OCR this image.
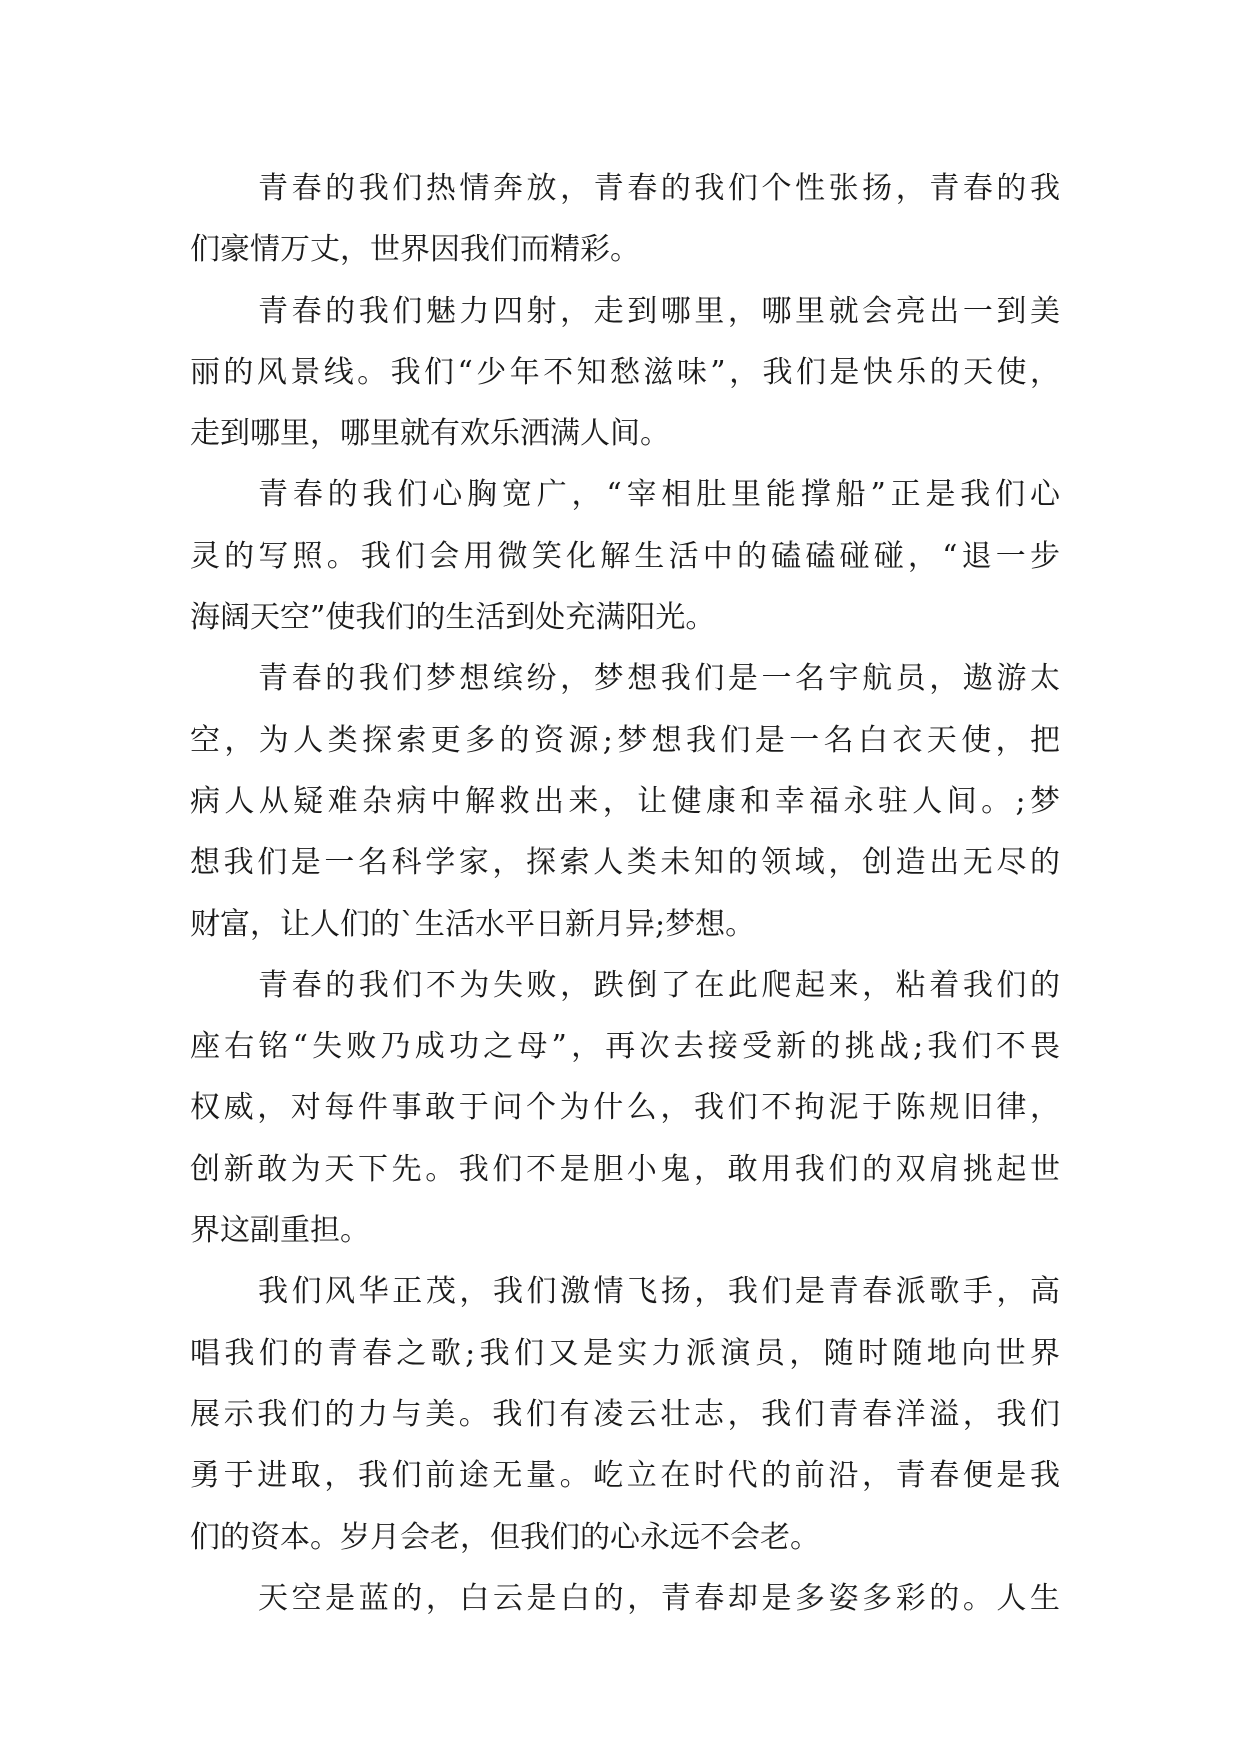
青春的我们热情奔放，青春的我们个性张扬，青春的我
们豪情万丈，世界因我们而精彩。
青春的我们魅力四射，走到哪里，哪里就会亮出一到美
丽的风景线。我们“少年不知愁滋味”，我们是快乐的天使，
走到哪里，哪里就有欢乐洒满人间。
青春的我们心胸宽广，“宰相肚里能撑船”正是我们心
灵的写照。我们会用微笑化解生活中的磕磕碰碰，“退一步
海阔天空”使我们的生活到处充满阳光。
青春的我们梦想缤纷，梦想我们是一名宇航员，遨游太
空，为人类探索更多的资源;梦想我们是一名白衣天使，把
病人从疑难杂病中解救出来，让健康和幸福永驻人间。;梦
想我们是一名科学家，探索人类未知的领域，创造出无尽的
财富，让人们的`生活水平日新月异;梦想。
青春的我们不为失败，跌倒了在此爬起来，粘着我们的
座右铭“失败乃成功之母”，再次去接受新的挑战;我们不畏
权威，对每件事敢于问个为什么，我们不拘泥于陈规旧律，
创新敢为天下先。我们不是胆小鬼，敢用我们的双肩挑起世
界这副重担。
我们风华正茂，我们激情飞扬，我们是青春派歌手，高
唱我们的青春之歌;我们又是实力派演员，随时随地向世界
展示我们的力与美。我们有凌云壮志，我们青春洋溢，我们
勇于进取，我们前途无量。屹立在时代的前沿，青春便是我
们的资本。岁月会老，但我们的心永远不会老。
天空是蓝的，白云是白的，青春却是多姿多彩的。人生
